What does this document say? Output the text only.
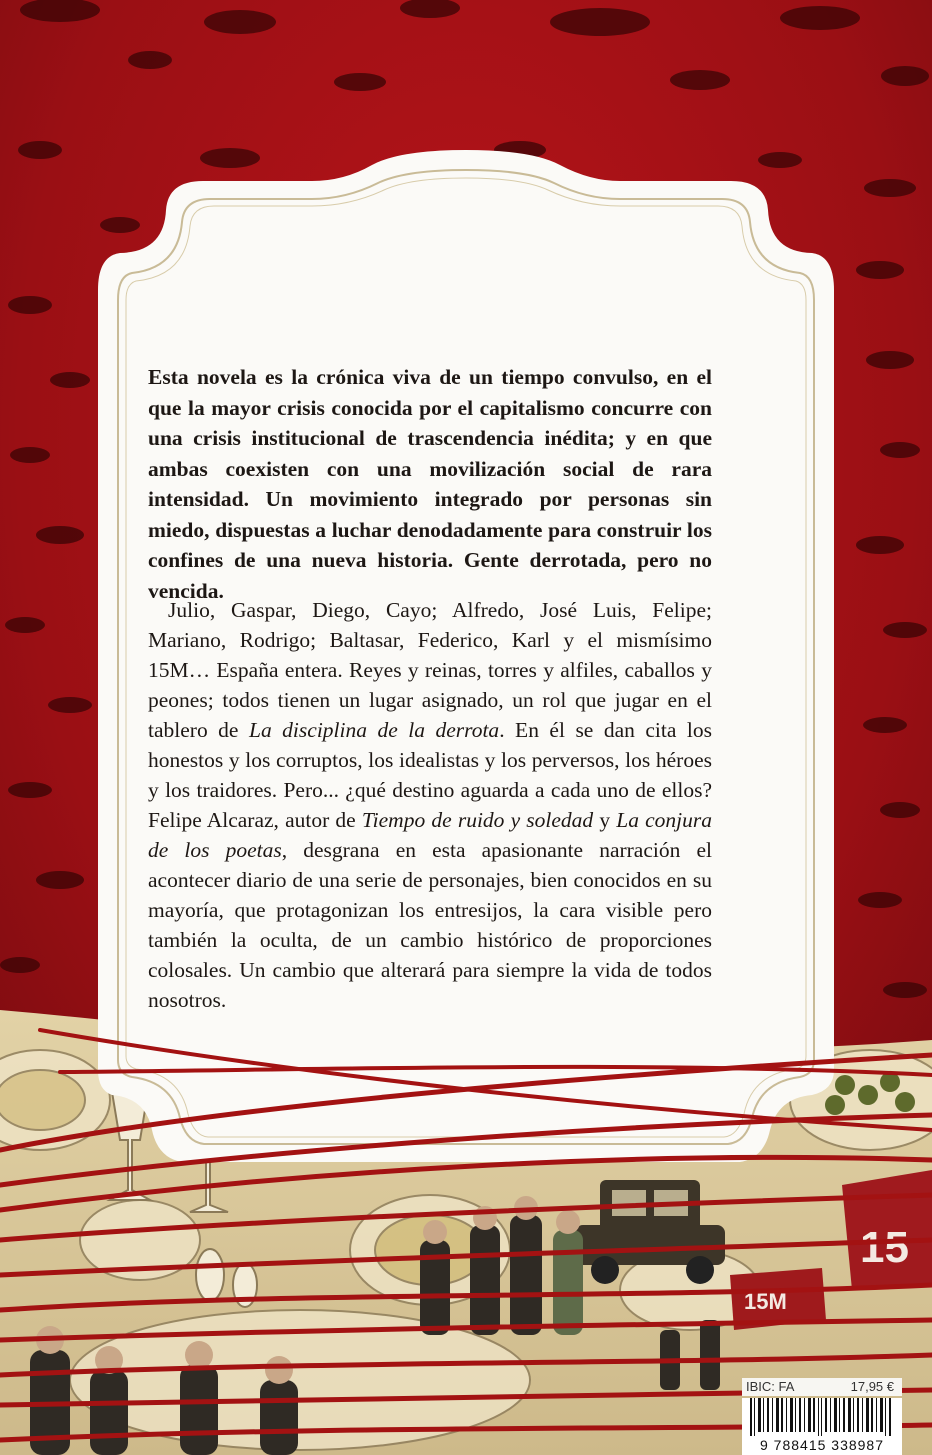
15M
15

Esta novela es la crónica viva de un tiempo convulso, en el que la mayor crisis conocida por el capitalismo concurre con una crisis institucional de trascendencia inédita; y en que ambas coexisten con una movilización social de rara intensidad. Un movimiento integrado por personas sin miedo, dispuestas a luchar denodadamente para construir los confines de una nueva historia. Gente derrotada, pero no vencida.

Julio, Gaspar, Diego, Cayo; Alfredo, José Luis, Felipe; Mariano, Rodrigo; Baltasar, Federico, Karl y el mismísimo 15M… España entera. Reyes y reinas, torres y alfiles, caballos y peones; todos tienen un lugar asignado, un rol que jugar en el tablero de La disciplina de la derrota. En él se dan cita los honestos y los corruptos, los idealistas y los perversos, los héroes y los traidores. Pero... ¿qué destino aguarda a cada uno de ellos? Felipe Alcaraz, autor de Tiempo de ruido y soledad y La conjura de los poetas, desgrana en esta apasionante narración el acontecer diario de una serie de personajes, bien conocidos en su mayoría, que protagonizan los entresijos, la cara visible pero también la oculta, de un cambio histórico de proporciones colosales. Un cambio que alterará para siempre la vida de todos nosotros.

IBIC: FA	17,95 €
9 788415 338987
